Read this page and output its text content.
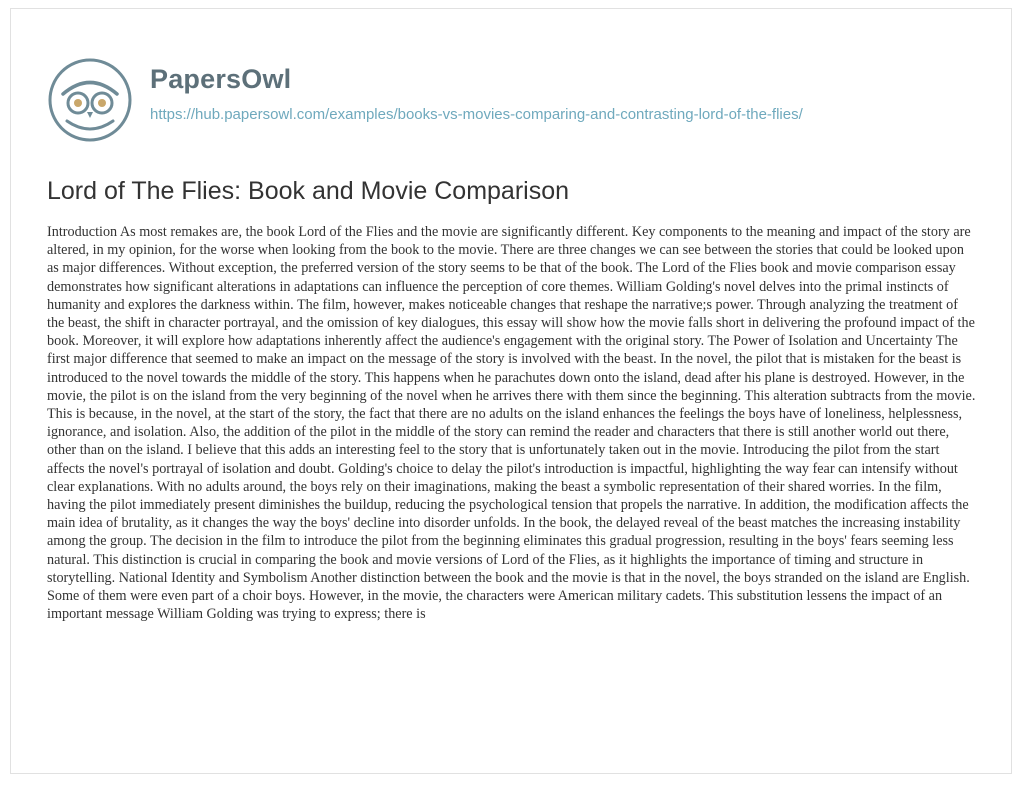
PapersOwl
https://hub.papersowl.com/examples/books-vs-movies-comparing-and-contrasting-lord-of-the-flies/
Lord of The Flies: Book and Movie Comparison

Introduction As most remakes are, the book Lord of the Flies and the movie are significantly different. Key components to the meaning and impact of the story are altered, in my opinion, for the worse when looking from the book to the movie. There are three changes we can see between the stories that could be looked upon as major differences. Without exception, the preferred version of the story seems to be that of the book. The Lord of the Flies book and movie comparison essay demonstrates how significant alterations in adaptations can influence the perception of core themes. William Golding's novel delves into the primal instincts of humanity and explores the darkness within. The film, however, makes noticeable changes that reshape the narrative;s power. Through analyzing the treatment of the beast, the shift in character portrayal, and the omission of key dialogues, this essay will show how the movie falls short in delivering the profound impact of the book. Moreover, it will explore how adaptations inherently affect the audience's engagement with the original story. The Power of Isolation and Uncertainty The first major difference that seemed to make an impact on the message of the story is involved with the beast. In the novel, the pilot that is mistaken for the beast is introduced to the novel towards the middle of the story. This happens when he parachutes down onto the island, dead after his plane is destroyed. However, in the movie, the pilot is on the island from the very beginning of the novel when he arrives there with them since the beginning. This alteration subtracts from the movie. This is because, in the novel, at the start of the story, the fact that there are no adults on the island enhances the feelings the boys have of loneliness, helplessness, ignorance, and isolation. Also, the addition of the pilot in the middle of the story can remind the reader and characters that there is still another world out there, other than on the island. I believe that this adds an interesting feel to the story that is unfortunately taken out in the movie. Introducing the pilot from the start affects the novel's portrayal of isolation and doubt. Golding's choice to delay the pilot's introduction is impactful, highlighting the way fear can intensify without clear explanations. With no adults around, the boys rely on their imaginations, making the beast a symbolic representation of their shared worries. In the film, having the pilot immediately present diminishes the buildup, reducing the psychological tension that propels the narrative. In addition, the modification affects the main idea of brutality, as it changes the way the boys' decline into disorder unfolds. In the book, the delayed reveal of the beast matches the increasing instability among the group. The decision in the film to introduce the pilot from the beginning eliminates this gradual progression, resulting in the boys' fears seeming less natural. This distinction is crucial in comparing the book and movie versions of Lord of the Flies, as it highlights the importance of timing and structure in storytelling. National Identity and Symbolism Another distinction between the book and the movie is that in the novel, the boys stranded on the island are English. Some of them were even part of a choir boys. However, in the movie, the characters were American military cadets. This substitution lessens the impact of an important message William Golding was trying to express; there is
